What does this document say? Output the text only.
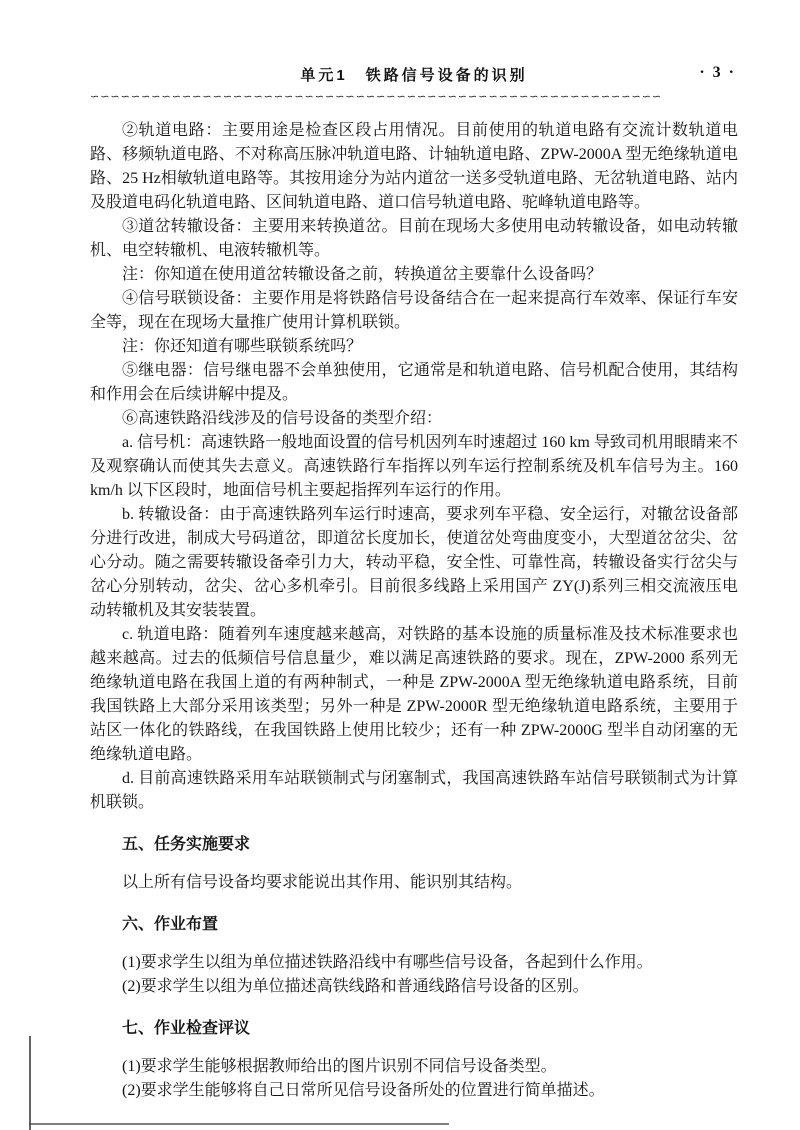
单元1　铁路信号设备的识别	· 3 ·
∽∽∽∽∽∽∽∽∽∽∽∽∽∽∽∽∽∽∽∽∽∽∽∽∽∽∽∽∽∽∽∽∽∽∽∽∽∽∽∽∽∽∽∽∽∽∽∽∽∽∽∽∽∽∽∽

②轨道电路：主要用途是检查区段占用情况。目前使用的轨道电路有交流计数轨道电路、移频轨道电路、不对称高压脉冲轨道电路、计轴轨道电路、ZPW-2000A 型无绝缘轨道电路、25 Hz相敏轨道电路等。其按用途分为站内道岔一送多受轨道电路、无岔轨道电路、站内及股道电码化轨道电路、区间轨道电路、道口信号轨道电路、驼峰轨道电路等。

③道岔转辙设备：主要用来转换道岔。目前在现场大多使用电动转辙设备，如电动转辙机、电空转辙机、电液转辙机等。

注：你知道在使用道岔转辙设备之前，转换道岔主要靠什么设备吗？

④信号联锁设备：主要作用是将铁路信号设备结合在一起来提高行车效率、保证行车安全等，现在在现场大量推广使用计算机联锁。

注：你还知道有哪些联锁系统吗？

⑤继电器：信号继电器不会单独使用，它通常是和轨道电路、信号机配合使用，其结构和作用会在后续讲解中提及。

⑥高速铁路沿线涉及的信号设备的类型介绍：

a. 信号机：高速铁路一般地面设置的信号机因列车时速超过 160 km 导致司机用眼睛来不及观察确认而使其失去意义。高速铁路行车指挥以列车运行控制系统及机车信号为主。160 km/h 以下区段时，地面信号机主要起指挥列车运行的作用。

b. 转辙设备：由于高速铁路列车运行时速高，要求列车平稳、安全运行，对辙岔设备部分进行改进，制成大号码道岔，即道岔长度加长，使道岔处弯曲度变小，大型道岔岔尖、岔心分动。随之需要转辙设备牵引力大，转动平稳，安全性、可靠性高，转辙设备实行岔尖与岔心分别转动，岔尖、岔心多机牵引。目前很多线路上采用国产 ZY(J)系列三相交流液压电动转辙机及其安装装置。

c. 轨道电路：随着列车速度越来越高，对铁路的基本设施的质量标准及技术标准要求也越来越高。过去的低频信号信息量少，难以满足高速铁路的要求。现在，ZPW-2000 系列无绝缘轨道电路在我国上道的有两种制式，一种是 ZPW-2000A 型无绝缘轨道电路系统，目前我国铁路上大部分采用该类型；另外一种是 ZPW-2000R 型无绝缘轨道电路系统，主要用于站区一体化的铁路线，在我国铁路上使用比较少；还有一种 ZPW-2000G 型半自动闭塞的无绝缘轨道电路。

d. 目前高速铁路采用车站联锁制式与闭塞制式，我国高速铁路车站信号联锁制式为计算机联锁。

五、任务实施要求

以上所有信号设备均要求能说出其作用、能识别其结构。

六、作业布置

(1)要求学生以组为单位描述铁路沿线中有哪些信号设备，各起到什么作用。

(2)要求学生以组为单位描述高铁线路和普通线路信号设备的区别。

七、作业检查评议

(1)要求学生能够根据教师给出的图片识别不同信号设备类型。

(2)要求学生能够将自己日常所见信号设备所处的位置进行简单描述。
